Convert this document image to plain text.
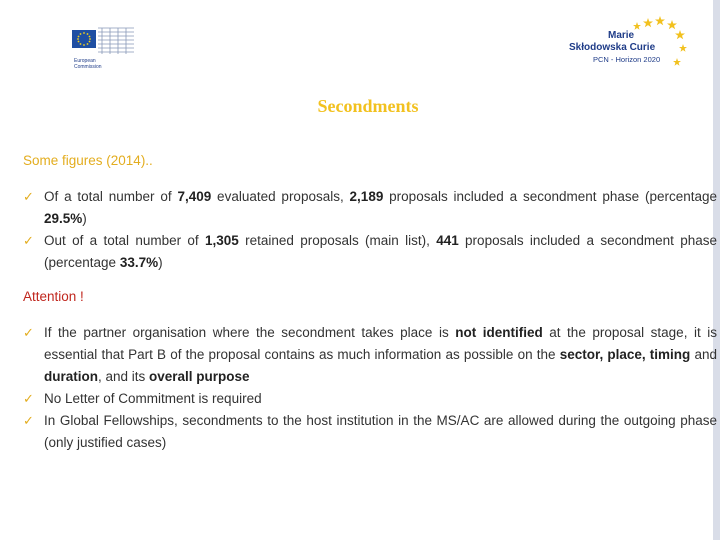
European
Commission
Marie
Skłodowska Curie
PCN - Horizon 2020
Secondments
Some figures (2014)..
✓ Of a total number of 7,409 evaluated proposals, 2,189 proposals included a secondment phase (percentage 29.5%)
✓ Out of a total number of 1,305 retained proposals (main list), 441 proposals included a secondment phase (percentage 33.7%)
Attention !
✓ If the partner organisation where the secondment takes place is not identified at the proposal stage, it is essential that Part B of the proposal contains as much information as possible on the sector, place, timing and duration, and its overall purpose
✓ No Letter of Commitment is required
✓ In Global Fellowships, secondments to the host institution in the MS/AC are allowed during the outgoing phase (only justified cases)
